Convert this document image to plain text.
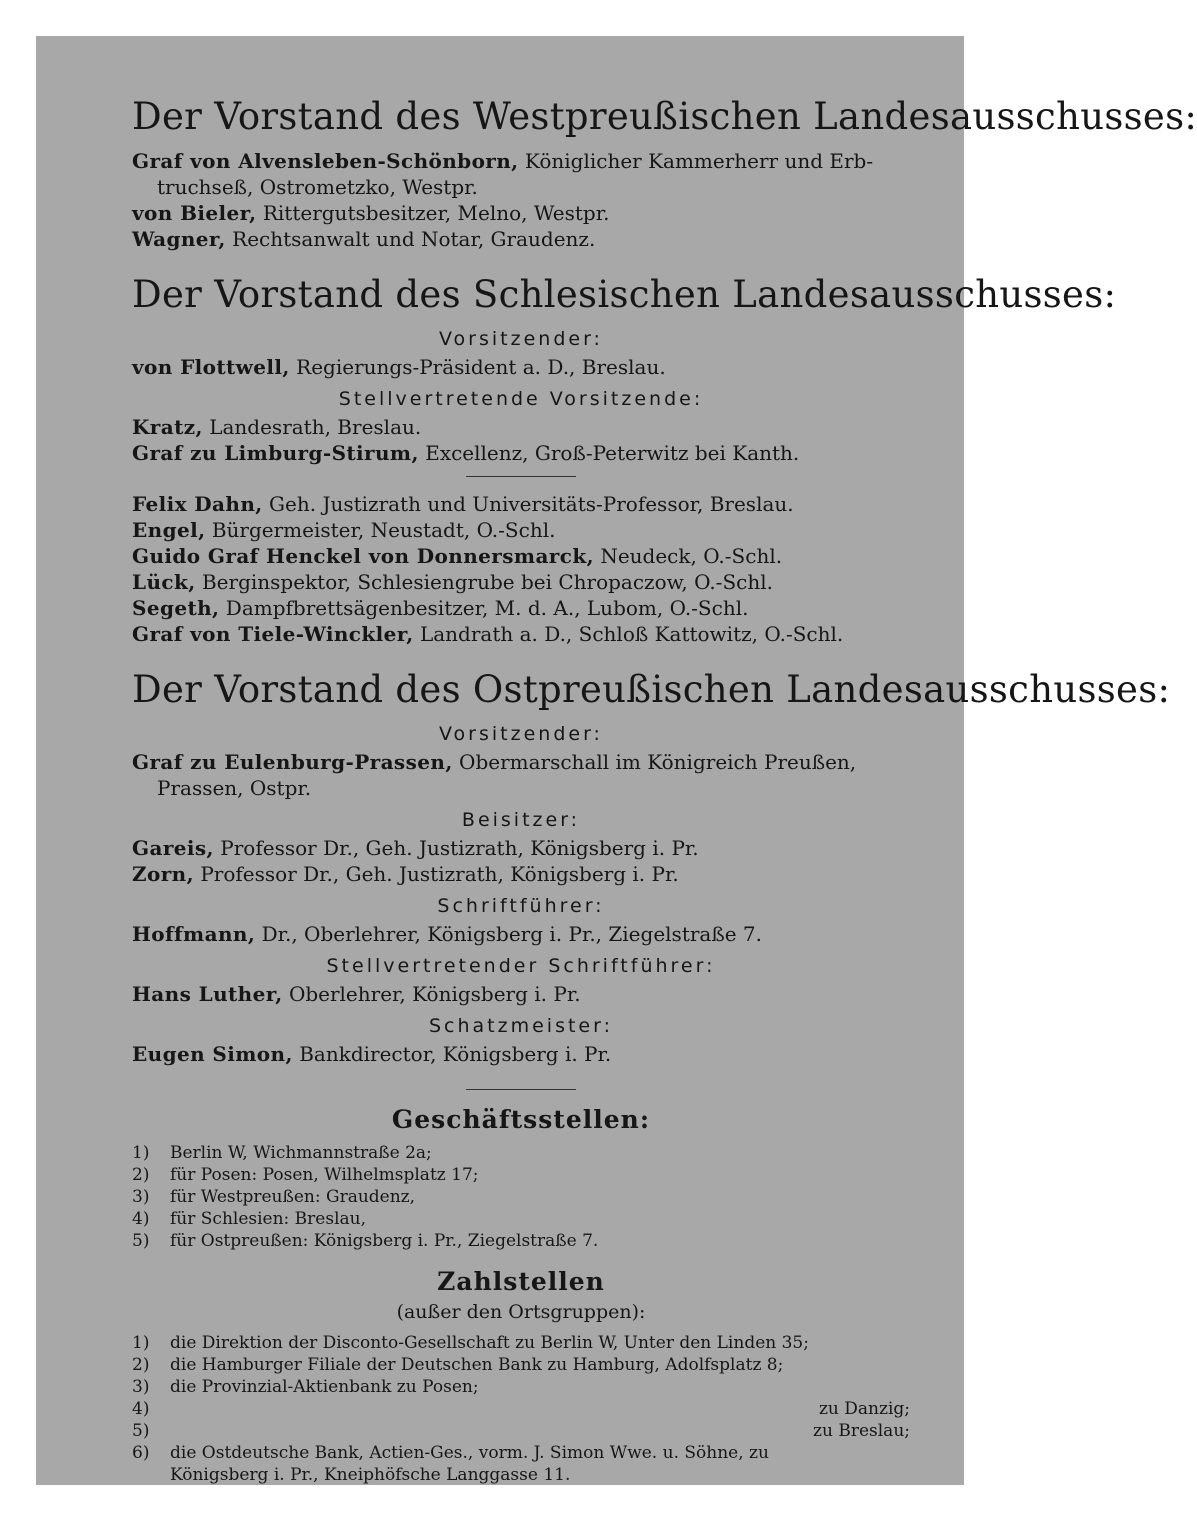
Der Vorstand des Westpreußischen Landesausschusses:

Graf von Alvensleben-Schönborn, Königlicher Kammerherr und Erb-

truchseß, Ostrometzko, Westpr.

von Bieler, Rittergutsbesitzer, Melno, Westpr.

Wagner, Rechtsanwalt und Notar, Graudenz.

Der Vorstand des Schlesischen Landesausschusses:
Vorsitzender:

von Flottwell, Regierungs-Präsident a. D., Breslau.

Stellvertretende Vorsitzende:

Kratz, Landesrath, Breslau.

Graf zu Limburg-Stirum, Excellenz, Groß-Peterwitz bei Kanth.

Felix Dahn, Geh. Justizrath und Universitäts-Professor, Breslau.

Engel, Bürgermeister, Neustadt, O.-Schl.

Guido Graf Henckel von Donnersmarck, Neudeck, O.-Schl.

Lück, Berginspektor, Schlesiengrube bei Chropaczow, O.-Schl.

Segeth, Dampfbrettsägenbesitzer, M. d. A., Lubom, O.-Schl.

Graf von Tiele-Winckler, Landrath a. D., Schloß Kattowitz, O.-Schl.

Der Vorstand des Ostpreußischen Landesausschusses:
Vorsitzender:

Graf zu Eulenburg-Prassen, Obermarschall im Königreich Preußen,

Prassen, Ostpr.

Beisitzer:

Gareis, Professor Dr., Geh. Justizrath, Königsberg i. Pr.

Zorn, Professor Dr., Geh. Justizrath, Königsberg i. Pr.

Schriftführer:

Hoffmann, Dr., Oberlehrer, Königsberg i. Pr., Ziegelstraße 7.

Stellvertretender Schriftführer:

Hans Luther, Oberlehrer, Königsberg i. Pr.

Schatzmeister:

Eugen Simon, Bankdirector, Königsberg i. Pr.

Geschäftsstellen:
1)	Berlin W, Wichmannstraße 2a;
2)	für Posen: Posen, Wilhelmsplatz 17;
3)	für Westpreußen: Graudenz,
4)	für Schlesien: Breslau,
5)	für Ostpreußen: Königsberg i. Pr., Ziegelstraße 7.
Zahlstellen
(außer den Ortsgruppen):
1)	die Direktion der Disconto-Gesellschaft zu Berlin W, Unter den Linden 35;
2)	die Hamburger Filiale der Deutschen Bank zu Hamburg, Adolfsplatz 8;
3)	die Provinzial-Aktienbank zu Posen;
4)	zu Danzig;
5)	zu Breslau;
6)	die Ostdeutsche Bank, Actien-Ges., vorm. J. Simon Wwe. u. Söhne, zu
Königsberg i. Pr., Kneiphöfsche Langgasse 11.
